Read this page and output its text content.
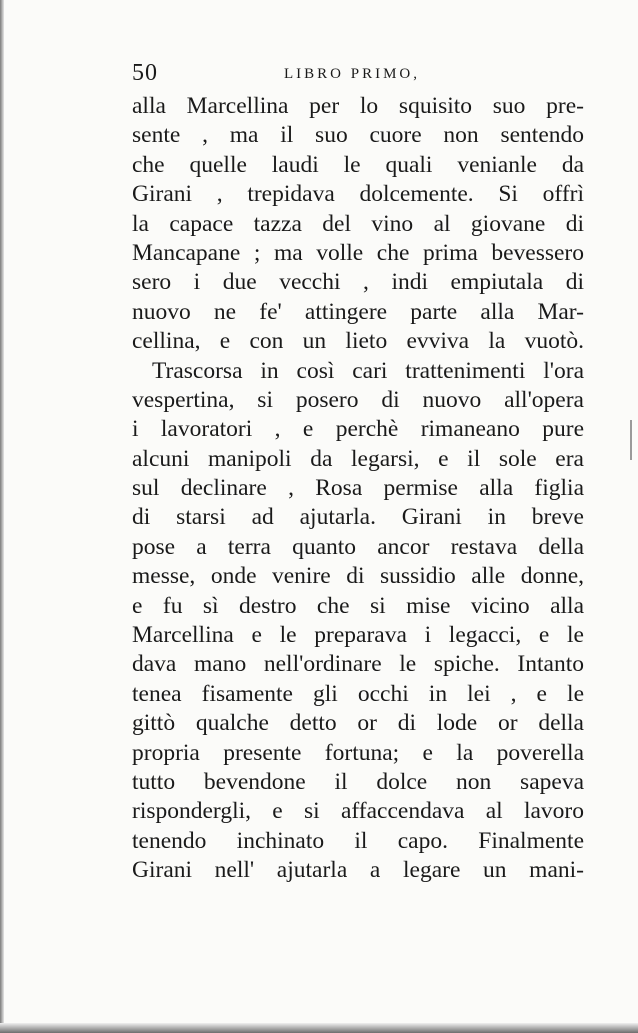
50	LIBRO PRIMO,
alla Marcellina per lo squisito suo pre-
sente , ma il suo cuore non sentendo
che quelle laudi le quali venianle da
Girani , trepidava dolcemente. Si offrì
la capace tazza del vino al giovane di
Mancapane ; ma volle che prima bevessero
sero i due vecchi , indi empiutala di
nuovo ne fe' attingere parte alla Mar-
cellina, e con un lieto evviva la vuotò.
Trascorsa in così cari trattenimenti l'ora
vespertina, si posero di nuovo all'opera
i lavoratori , e perchè rimaneano pure
alcuni manipoli da legarsi, e il sole era
sul declinare , Rosa permise alla figlia
di starsi ad ajutarla. Girani in breve
pose a terra quanto ancor restava della
messe, onde venire di sussidio alle donne,
e fu sì destro che si mise vicino alla
Marcellina e le preparava i legacci, e le
dava mano nell'ordinare le spiche. Intanto
tenea fisamente gli occhi in lei , e le
gittò qualche detto or di lode or della
propria presente fortuna; e la poverella
tutto bevendone il dolce non sapeva
rispondergli, e si affaccendava al lavoro
tenendo inchinato il capo. Finalmente
Girani nell' ajutarla a legare un mani-
